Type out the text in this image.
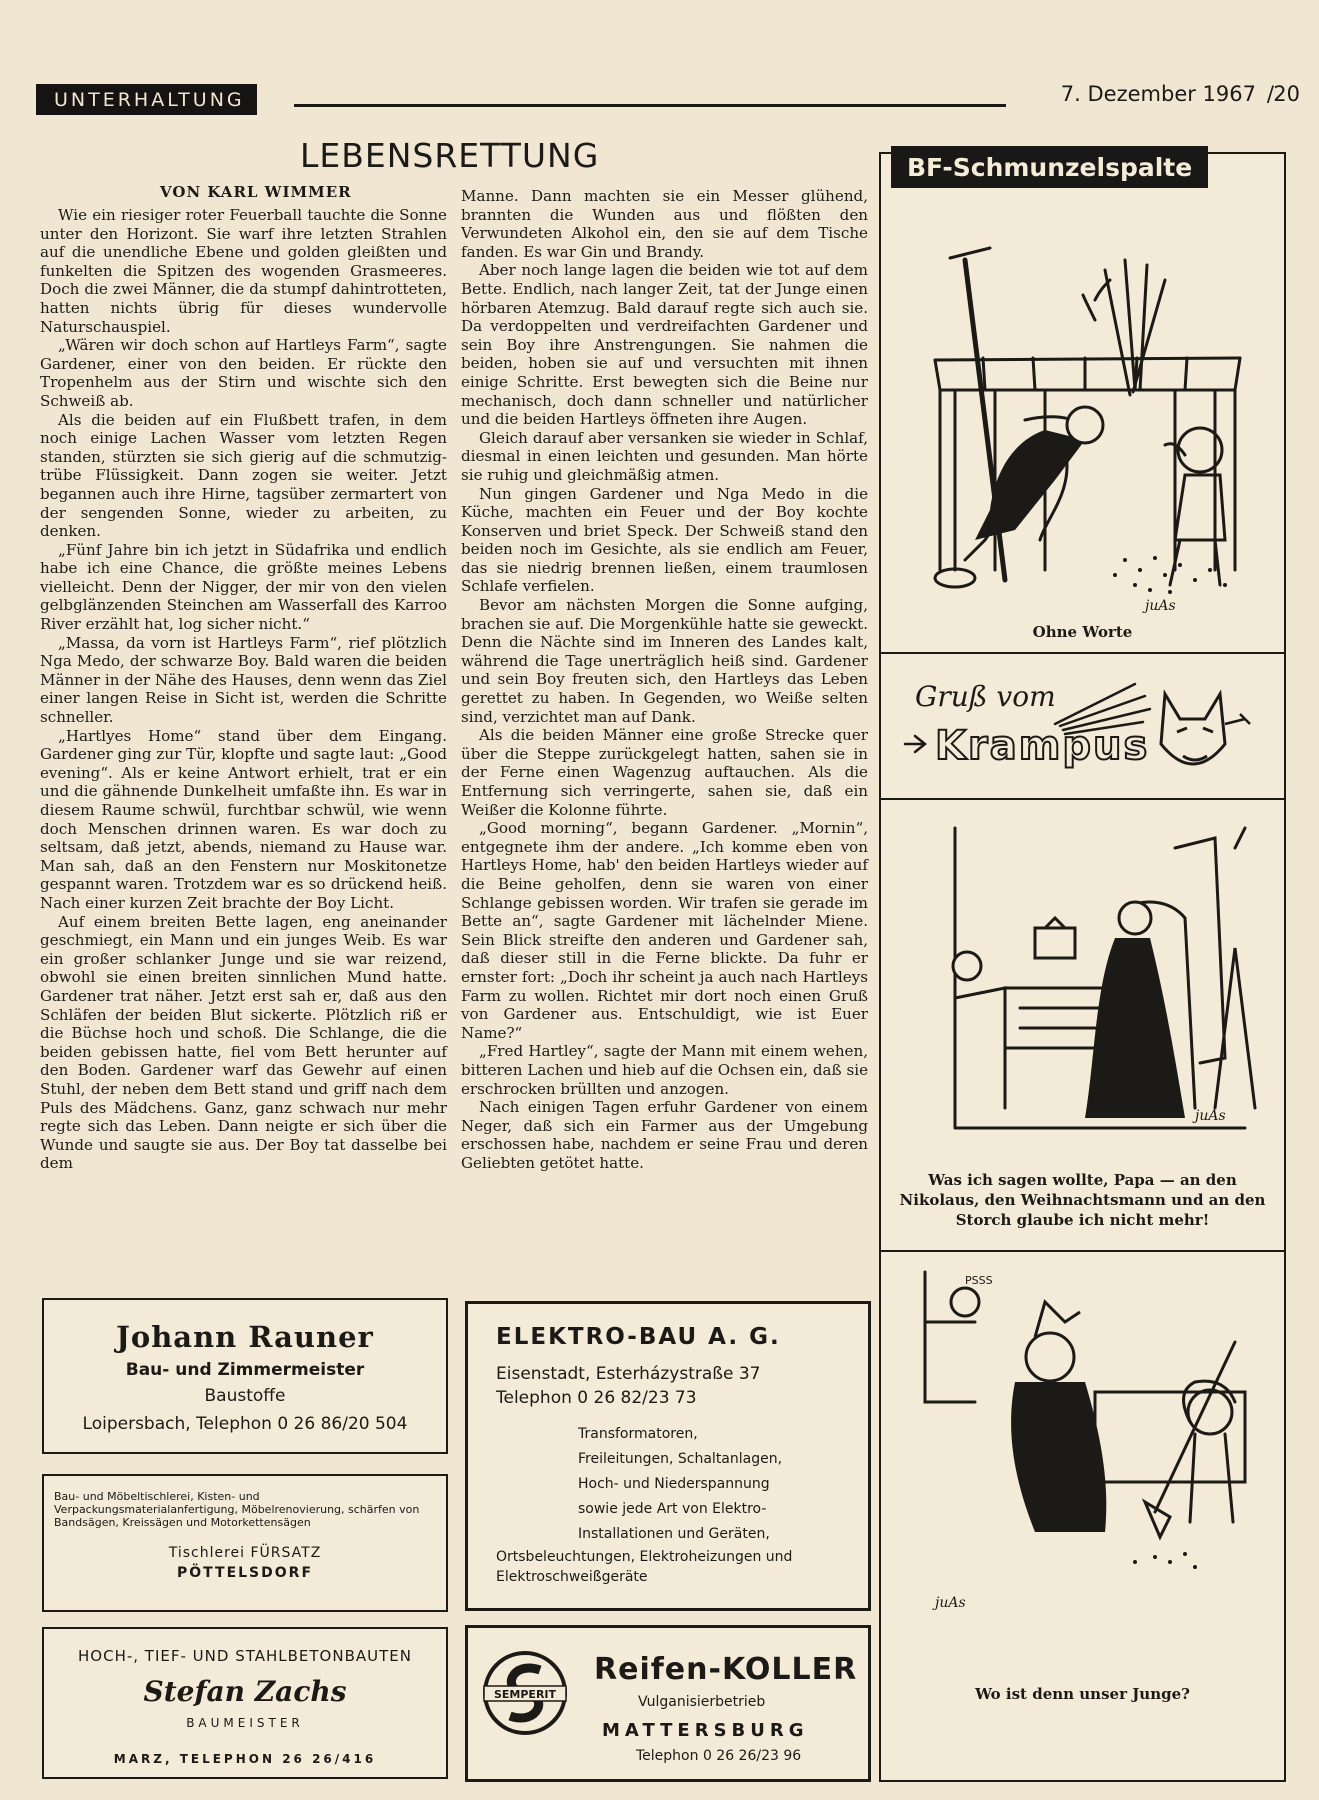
UNTERHALTUNG	7. Dezember 1967 / 20
LEBENSRETTUNG
VON KARL WIMMER

Wie ein riesiger roter Feuerball tauchte die Sonne unter den Horizont. Sie warf ihre letzten Strahlen auf die unendliche Ebene und golden gleißten und funkelten die Spitzen des wogenden Grasmeeres. Doch die zwei Männer, die da stumpf dahintrotteten, hatten nichts übrig für dieses wundervolle Naturschauspiel.

„Wären wir doch schon auf Hartleys Farm“, sagte Gardener, einer von den beiden. Er rückte den Tropenhelm aus der Stirn und wischte sich den Schweiß ab.

Als die beiden auf ein Flußbett trafen, in dem noch einige Lachen Wasser vom letzten Regen standen, stürzten sie sich gierig auf die schmutzig-trübe Flüssigkeit. Dann zogen sie weiter. Jetzt begannen auch ihre Hirne, tagsüber zermartert von der sengenden Sonne, wieder zu arbeiten, zu denken.

„Fünf Jahre bin ich jetzt in Südafrika und endlich habe ich eine Chance, die größte meines Lebens vielleicht. Denn der Nigger, der mir von den vielen gelbglänzenden Steinchen am Wasserfall des Karroo River erzählt hat, log sicher nicht.“

„Massa, da vorn ist Hartleys Farm“, rief plötzlich Nga Medo, der schwarze Boy. Bald waren die beiden Männer in der Nähe des Hauses, denn wenn das Ziel einer langen Reise in Sicht ist, werden die Schritte schneller.

„Hartlyes Home“ stand über dem Eingang. Gardener ging zur Tür, klopfte und sagte laut: „Good evening“. Als er keine Antwort erhielt, trat er ein und die gähnende Dunkelheit umfaßte ihn. Es war in diesem Raume schwül, furchtbar schwül, wie wenn doch Menschen drinnen waren. Es war doch zu seltsam, daß jetzt, abends, niemand zu Hause war. Man sah, daß an den Fenstern nur Moskitonetze gespannt waren. Trotzdem war es so drückend heiß. Nach einer kurzen Zeit brachte der Boy Licht.

Auf einem breiten Bette lagen, eng aneinander geschmiegt, ein Mann und ein junges Weib. Es war ein großer schlanker Junge und sie war reizend, obwohl sie einen breiten sinnlichen Mund hatte. Gardener trat näher. Jetzt erst sah er, daß aus den Schläfen der beiden Blut sickerte. Plötzlich riß er die Büchse hoch und schoß. Die Schlange, die die beiden gebissen hatte, fiel vom Bett herunter auf den Boden. Gardener warf das Gewehr auf einen Stuhl, der neben dem Bett stand und griff nach dem Puls des Mädchens. Ganz, ganz schwach nur mehr regte sich das Leben. Dann neigte er sich über die Wunde und saugte sie aus. Der Boy tat dasselbe bei dem

Manne. Dann machten sie ein Messer glühend, brannten die Wunden aus und flößten den Verwundeten Alkohol ein, den sie auf dem Tische fanden. Es war Gin und Brandy.

Aber noch lange lagen die beiden wie tot auf dem Bette. Endlich, nach langer Zeit, tat der Junge einen hörbaren Atemzug. Bald darauf regte sich auch sie. Da verdoppelten und verdreifachten Gardener und sein Boy ihre Anstrengungen. Sie nahmen die beiden, hoben sie auf und versuchten mit ihnen einige Schritte. Erst bewegten sich die Beine nur mechanisch, doch dann schneller und natürlicher und die beiden Hartleys öffneten ihre Augen.

Gleich darauf aber versanken sie wieder in Schlaf, diesmal in einen leichten und gesunden. Man hörte sie ruhig und gleichmäßig atmen.

Nun gingen Gardener und Nga Medo in die Küche, machten ein Feuer und der Boy kochte Konserven und briet Speck. Der Schweiß stand den beiden noch im Gesichte, als sie endlich am Feuer, das sie niedrig brennen ließen, einem traumlosen Schlafe verfielen.

Bevor am nächsten Morgen die Sonne aufging, brachen sie auf. Die Morgenkühle hatte sie geweckt. Denn die Nächte sind im Inneren des Landes kalt, während die Tage unerträglich heiß sind. Gardener und sein Boy freuten sich, den Hartleys das Leben gerettet zu haben. In Gegenden, wo Weiße selten sind, verzichtet man auf Dank.

Als die beiden Männer eine große Strecke quer über die Steppe zurückgelegt hatten, sahen sie in der Ferne einen Wagenzug auftauchen. Als die Entfernung sich verringerte, sahen sie, daß ein Weißer die Kolonne führte.

„Good morning“, begann Gardener. „Mornin“, entgegnete ihm der andere. „Ich komme eben von Hartleys Home, hab' den beiden Hartleys wieder auf die Beine geholfen, denn sie waren von einer Schlange gebissen worden. Wir trafen sie gerade im Bette an“, sagte Gardener mit lächelnder Miene. Sein Blick streifte den anderen und Gardener sah, daß dieser still in die Ferne blickte. Da fuhr er ernster fort: „Doch ihr scheint ja auch nach Hartleys Farm zu wollen. Richtet mir dort noch einen Gruß von Gardener aus. Entschuldigt, wie ist Euer Name?“

„Fred Hartley“, sagte der Mann mit einem wehen, bitteren Lachen und hieb auf die Ochsen ein, daß sie erschrocken brüllten und anzogen.

Nach einigen Tagen erfuhr Gardener von einem Neger, daß sich ein Farmer aus der Umgebung erschossen habe, nachdem er seine Frau und deren Geliebten getötet hatte.

Johann Rauner
Bau- und Zimmermeister
Baustoffe
Loipersbach, Telephon 0 26 86/20 504
Bau- und Möbeltischlerei, Kisten- und Verpackungsmaterialanfertigung, Möbelrenovierung, schärfen von Bandsägen, Kreissägen und Motorkettensägen
Tischlerei FÜRSATZ
PÖTTELSDORF
HOCH-, TIEF- UND STAHLBETONBAUTEN
Stefan Zachs
BAUMEISTER
MARZ, TELEPHON 26 26/416
ELEKTRO-BAU A. G.
Eisenstadt, Esterházystraße 37
Telephon 0 26 82/23 73
Transformatoren,
Freileitungen, Schaltanlagen,
Hoch- und Niederspannung
sowie jede Art von Elektro-
Installationen und Geräten,
Ortsbeleuchtungen, Elektroheizungen und Elektroschweißgeräte
SEMPERIT
Reifen-KOLLER
Vulganisierbetrieb
MATTERSBURG
Telephon 0 26 26/23 96
BF-Schmunzelspalte
juAs
Ohne Worte
Gruß vom
Krampus
juAs
Was ich sagen wollte, Papa — an den Nikolaus, den Weihnachtsmann und an den Storch glaube ich nicht mehr!
PSSS
juAs
Wo ist denn unser Junge?
